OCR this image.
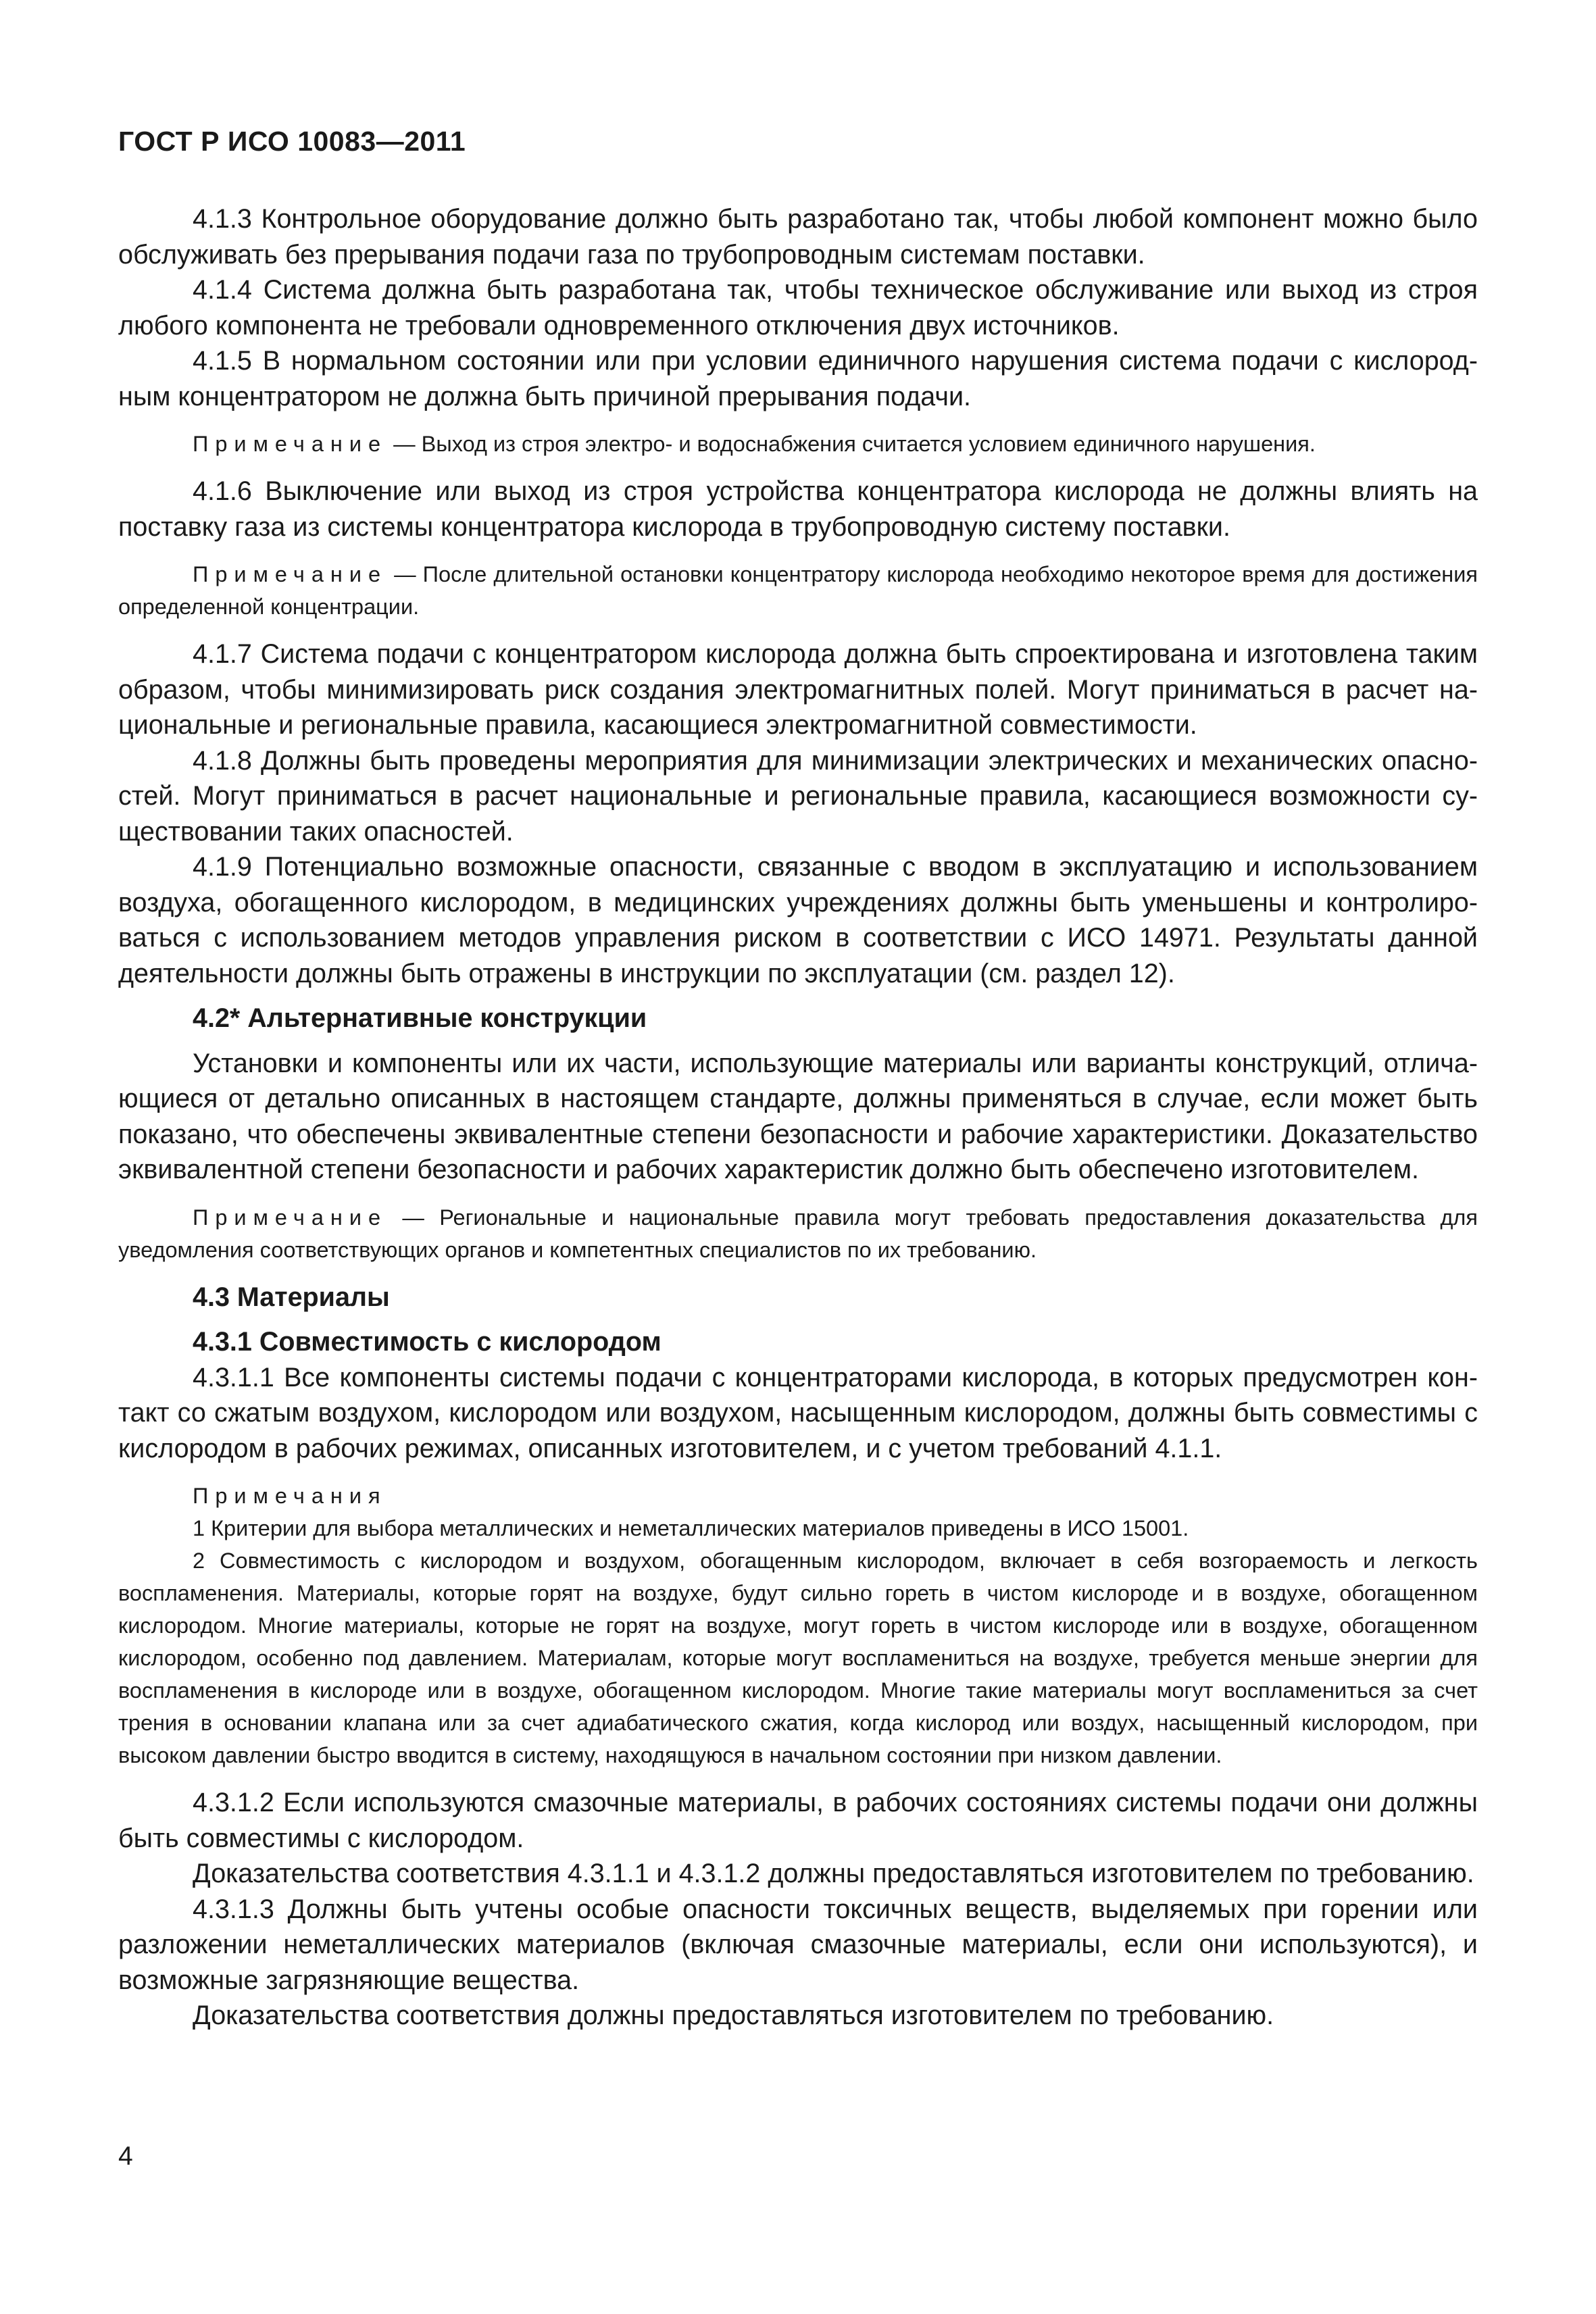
ГОСТ Р ИСО 10083—2011

4.1.3 Контрольное оборудование должно быть разработано так, чтобы любой компонент можно было обслуживать без прерывания подачи газа по трубопроводным системам поставки.

4.1.4 Система должна быть разработана так, чтобы техническое обслуживание или выход из строя любого компонента не требовали одновременного отключения двух источников.

4.1.5 В нормальном состоянии или при условии единичного нарушения система подачи с кислородным концентратором не должна быть причиной прерывания подачи.

Примечание — Выход из строя электро- и водоснабжения считается условием единичного нарушения.

4.1.6 Выключение или выход из строя устройства концентратора кислорода не должны влиять на поставку газа из системы концентратора кислорода в трубопроводную систему поставки.

Примечание — После длительной остановки концентратору кислорода необходимо некоторое время для достижения определенной концентрации.

4.1.7 Система подачи с концентратором кислорода должна быть спроектирована и изготовлена таким образом, чтобы минимизировать риск создания электромагнитных полей. Могут приниматься в расчет национальные и региональные правила, касающиеся электромагнитной совместимости.

4.1.8 Должны быть проведены мероприятия для минимизации электрических и механических опасностей. Могут приниматься в расчет национальные и региональные правила, касающиеся возможности существовании таких опасностей.

4.1.9 Потенциально возможные опасности, связанные с вводом в эксплуатацию и использованием воздуха, обогащенного кислородом, в медицинских учреждениях должны быть уменьшены и контролироваться с использованием методов управления риском в соответствии с ИСО 14971. Результаты данной деятельности должны быть отражены в инструкции по эксплуатации (см. раздел 12).

4.2* Альтернативные конструкции

Установки и компоненты или их части, использующие материалы или варианты конструкций, отличающиеся от детально описанных в настоящем стандарте, должны применяться в случае, если может быть показано, что обеспечены эквивалентные степени безопасности и рабочие характеристики. Доказательство эквивалентной степени безопасности и рабочих характеристик должно быть обеспечено изготовителем.

Примечание — Региональные и национальные правила могут требовать предоставления доказательства для уведомления соответствующих органов и компетентных специалистов по их требованию.

4.3 Материалы

4.3.1 Совместимость с кислородом

4.3.1.1 Все компоненты системы подачи с концентраторами кислорода, в которых предусмотрен контакт со сжатым воздухом, кислородом или воздухом, насыщенным кислородом, должны быть совместимы с кислородом в рабочих режимах, описанных изготовителем, и с учетом требований 4.1.1.

Примечания

1 Критерии для выбора металлических и неметаллических материалов приведены в ИСО 15001.

2 Совместимость с кислородом и воздухом, обогащенным кислородом, включает в себя возгораемость и легкость воспламенения. Материалы, которые горят на воздухе, будут сильно гореть в чистом кислороде и в воздухе, обогащенном кислородом. Многие материалы, которые не горят на воздухе, могут гореть в чистом кислороде или в воздухе, обогащенном кислородом, особенно под давлением. Материалам, которые могут воспламениться на воздухе, требуется меньше энергии для воспламенения в кислороде или в воздухе, обогащенном кислородом. Многие такие материалы могут воспламениться за счет трения в основании клапана или за счет адиабатического сжатия, когда кислород или воздух, насыщенный кислородом, при высоком давлении быстро вводится в систему, находящуюся в начальном состоянии при низком давлении.

4.3.1.2 Если используются смазочные материалы, в рабочих состояниях системы подачи они должны быть совместимы с кислородом.

Доказательства соответствия 4.3.1.1 и 4.3.1.2 должны предоставляться изготовителем по требованию.

4.3.1.3 Должны быть учтены особые опасности токсичных веществ, выделяемых при горении или разложении неметаллических материалов (включая смазочные материалы, если они используются), и возможные загрязняющие вещества.

Доказательства соответствия должны предоставляться изготовителем по требованию.

4
